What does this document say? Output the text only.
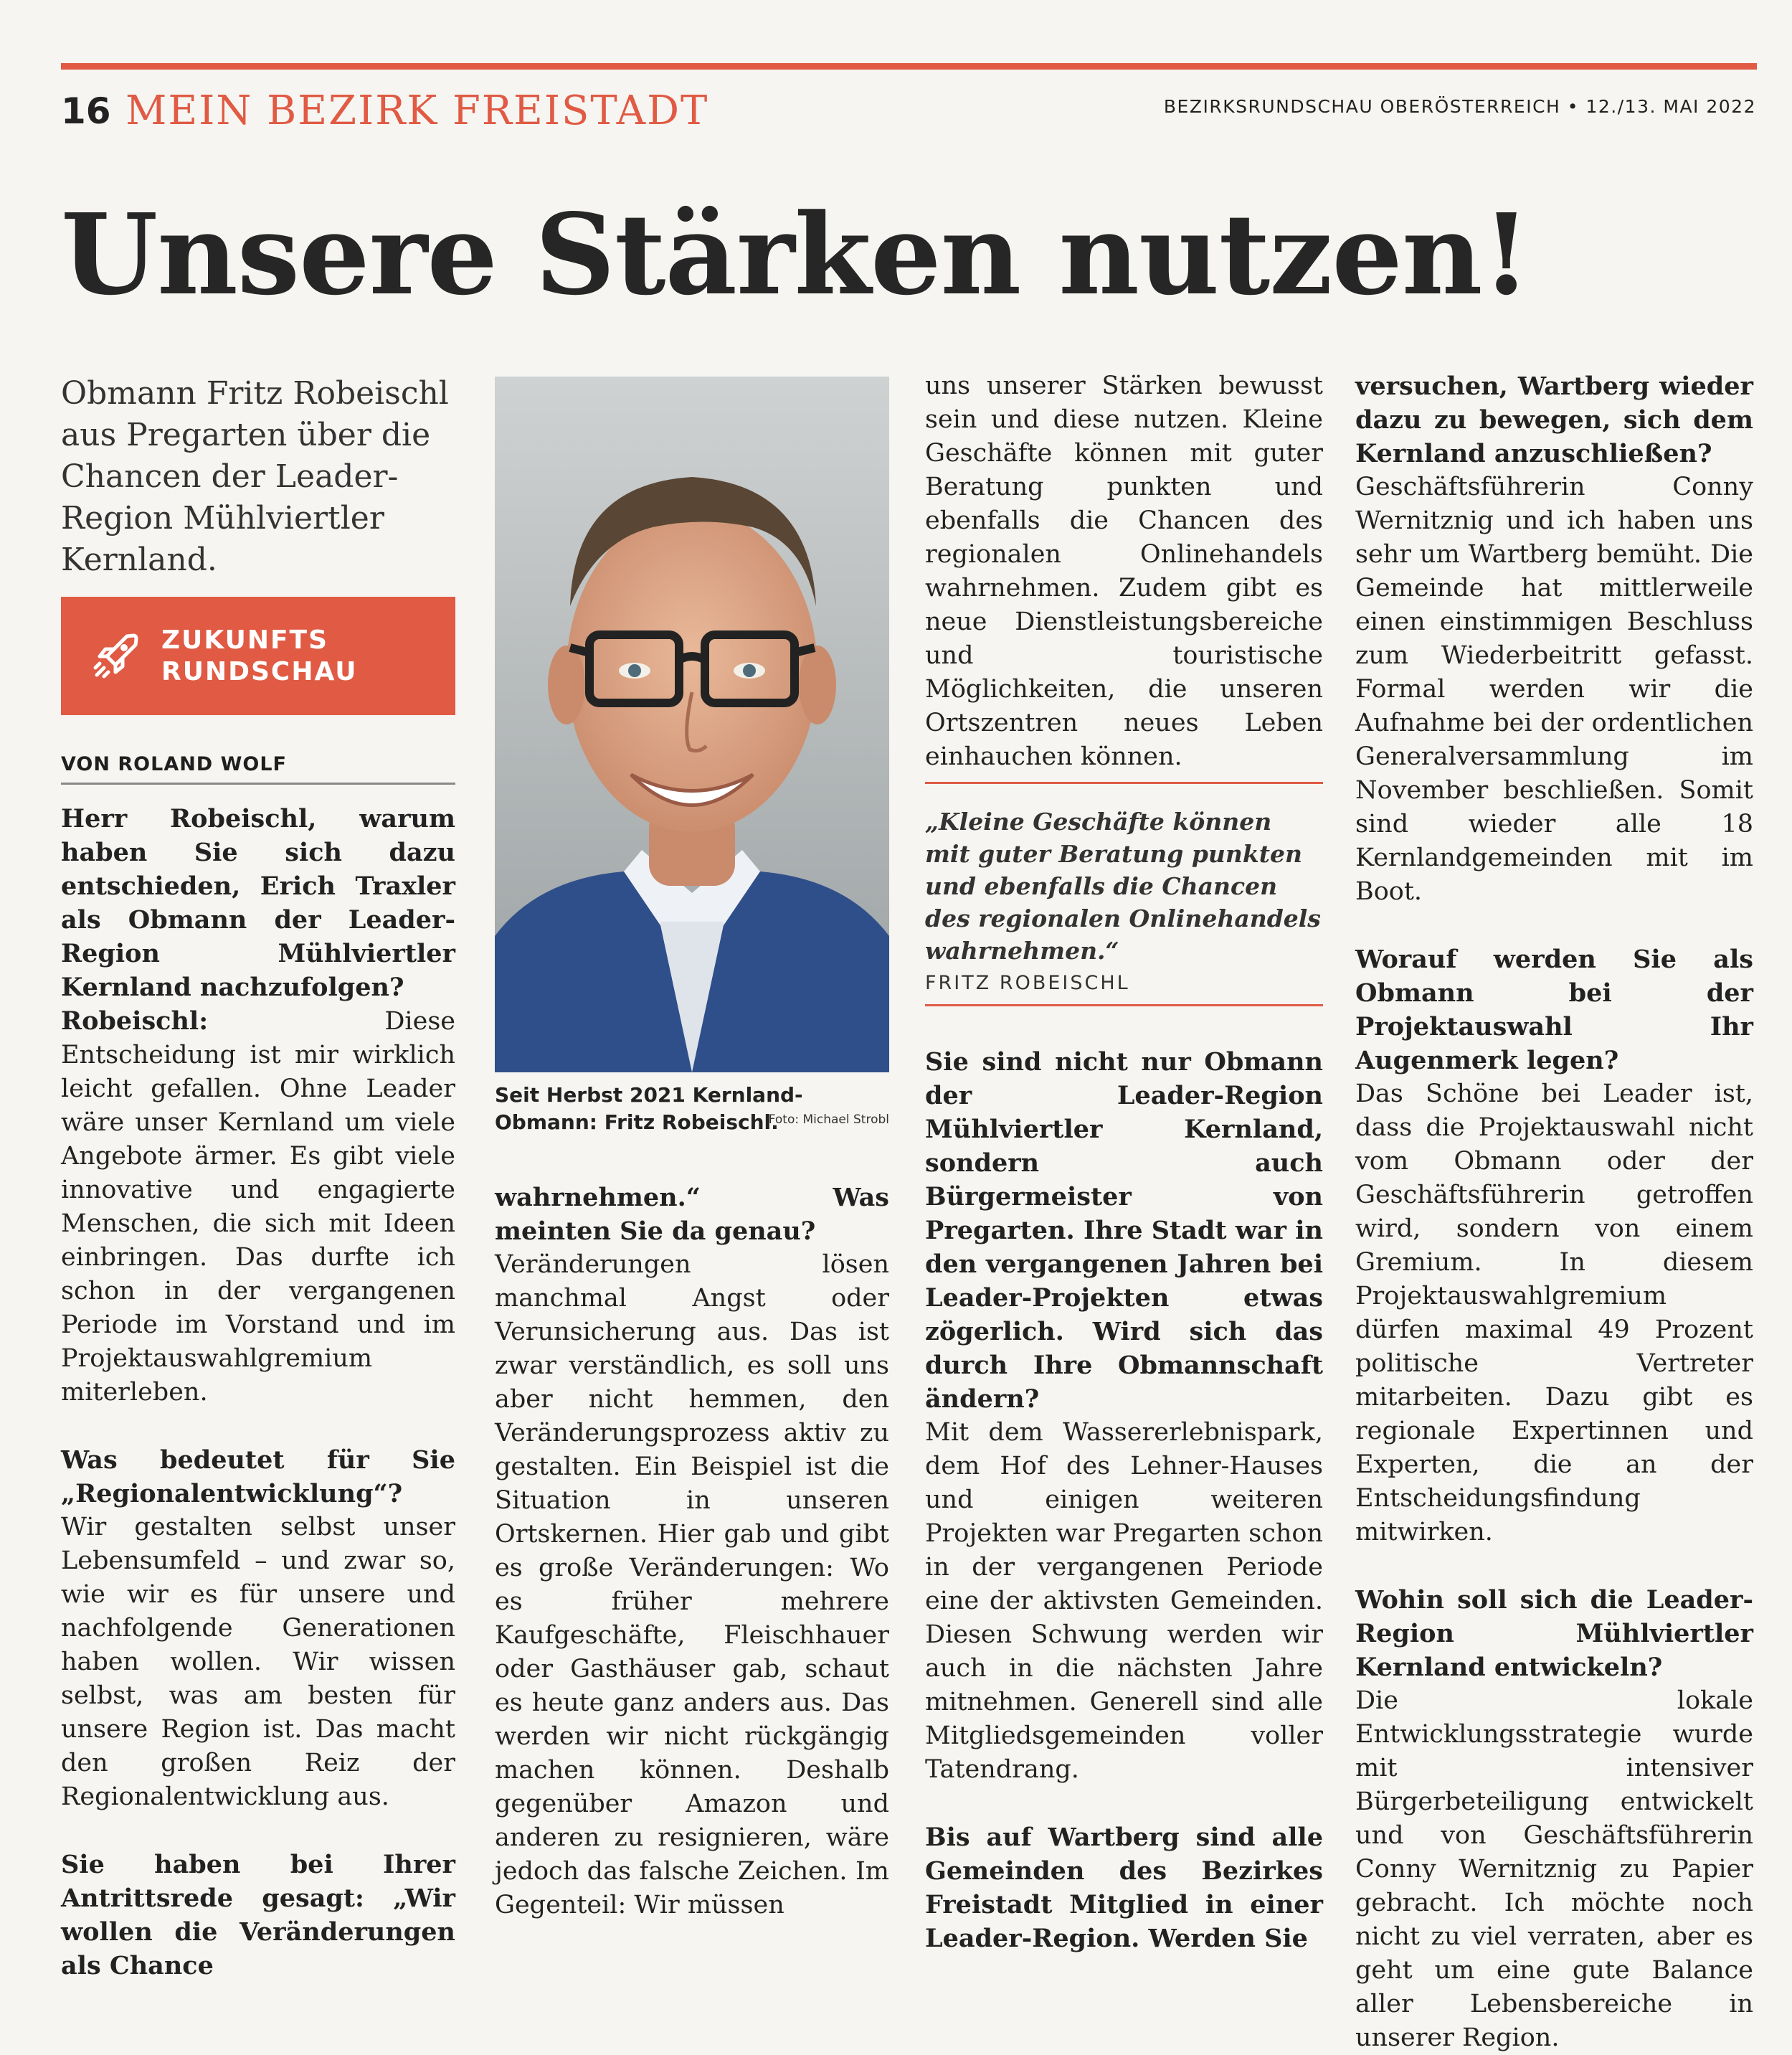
16 MEIN BEZIRK FREISTADT	BEZIRKSRUNDSCHAU OBERÖSTERREICH • 12./13. MAI 2022
Unsere Stärken nutzen!
Obmann Fritz Robeischl aus Pregarten über die Chancen der Leader-Region Mühlviertler Kernland.
ZUKUNFTS
RUNDSCHAU
VON ROLAND WOLF

Herr Robeischl, warum haben Sie sich dazu entschieden, Erich Traxler als Obmann der Leader-Region Mühlviertler Kernland nachzufolgen?

Robeischl: Diese Entscheidung ist mir wirklich leicht gefallen. Ohne Leader wäre unser Kernland um viele Angebote ärmer. Es gibt viele innovative und engagierte Menschen, die sich mit Ideen einbringen. Das durfte ich schon in der vergangenen Periode im Vorstand und im Projektauswahlgremium miterleben.

Was bedeutet für Sie „Regionalentwicklung“?

Wir gestalten selbst unser Lebensumfeld – und zwar so, wie wir es für unsere und nachfolgende Generationen haben wollen. Wir wissen selbst, was am besten für unsere Region ist. Das macht den großen Reiz der Regionalentwicklung aus.

Sie haben bei Ihrer Antrittsrede gesagt: „Wir wollen die Veränderungen als Chance

Seit Herbst 2021 Kernland-Obmann: Fritz Robeischl.
Foto: Michael Strobl

wahrnehmen.“ Was meinten Sie da genau?

Veränderungen lösen manchmal Angst oder Verunsicherung aus. Das ist zwar verständlich, es soll uns aber nicht hemmen, den Veränderungsprozess aktiv zu gestalten. Ein Beispiel ist die Situation in unseren Ortskernen. Hier gab und gibt es große Veränderungen: Wo es früher mehrere Kaufgeschäfte, Fleischhauer oder Gasthäuser gab, schaut es heute ganz anders aus. Das werden wir nicht rückgängig machen können. Deshalb gegenüber Amazon und anderen zu resignieren, wäre jedoch das falsche Zeichen. Im Gegenteil: Wir müssen

uns unserer Stärken bewusst sein und diese nutzen. Kleine Geschäfte können mit guter Beratung punkten und ebenfalls die Chancen des regionalen Onlinehandels wahrnehmen. Zudem gibt es neue Dienstleistungsbereiche und touristische Möglichkeiten, die unseren Ortszentren neues Leben einhauchen können.

„Kleine Geschäfte können mit guter Beratung punkten und ebenfalls die Chancen des regionalen Onlinehandels wahrnehmen.“
FRITZ ROBEISCHL

Sie sind nicht nur Obmann der Leader-Region Mühlviertler Kernland, sondern auch Bürgermeister von Pregarten. Ihre Stadt war in den vergangenen Jahren bei Leader-Projekten etwas zögerlich. Wird sich das durch Ihre Obmannschaft ändern?

Mit dem Wassererlebnispark, dem Hof des Lehner-Hauses und einigen weiteren Projekten war Pregarten schon in der vergangenen Periode eine der aktivsten Gemeinden. Diesen Schwung werden wir auch in die nächsten Jahre mitnehmen. Generell sind alle Mitgliedsgemeinden voller Tatendrang.

Bis auf Wartberg sind alle Gemeinden des Bezirkes Freistadt Mitglied in einer Leader-Region. Werden Sie

versuchen, Wartberg wieder dazu zu bewegen, sich dem Kernland anzuschließen?

Geschäftsführerin Conny Wernitznig und ich haben uns sehr um Wartberg bemüht. Die Gemeinde hat mittlerweile einen einstimmigen Beschluss zum Wiederbeitritt gefasst. Formal werden wir die Aufnahme bei der ordentlichen Generalversammlung im November beschließen. Somit sind wieder alle 18 Kernlandgemeinden mit im Boot.

Worauf werden Sie als Obmann bei der Projektauswahl Ihr Augenmerk legen?

Das Schöne bei Leader ist, dass die Projektauswahl nicht vom Obmann oder der Geschäftsführerin getroffen wird, sondern von einem Gremium. In diesem Projektauswahlgremium dürfen maximal 49 Prozent politische Vertreter mitarbeiten. Dazu gibt es regionale Expertinnen und Experten, die an der Entscheidungsfindung mitwirken.

Wohin soll sich die Leader-Region Mühlviertler Kernland entwickeln?

Die lokale Entwicklungsstrategie wurde mit intensiver Bürgerbeteiligung entwickelt und von Geschäftsführerin Conny Wernitznig zu Papier gebracht. Ich möchte noch nicht zu viel verraten, aber es geht um eine gute Balance aller Lebensbereiche in unserer Region.
